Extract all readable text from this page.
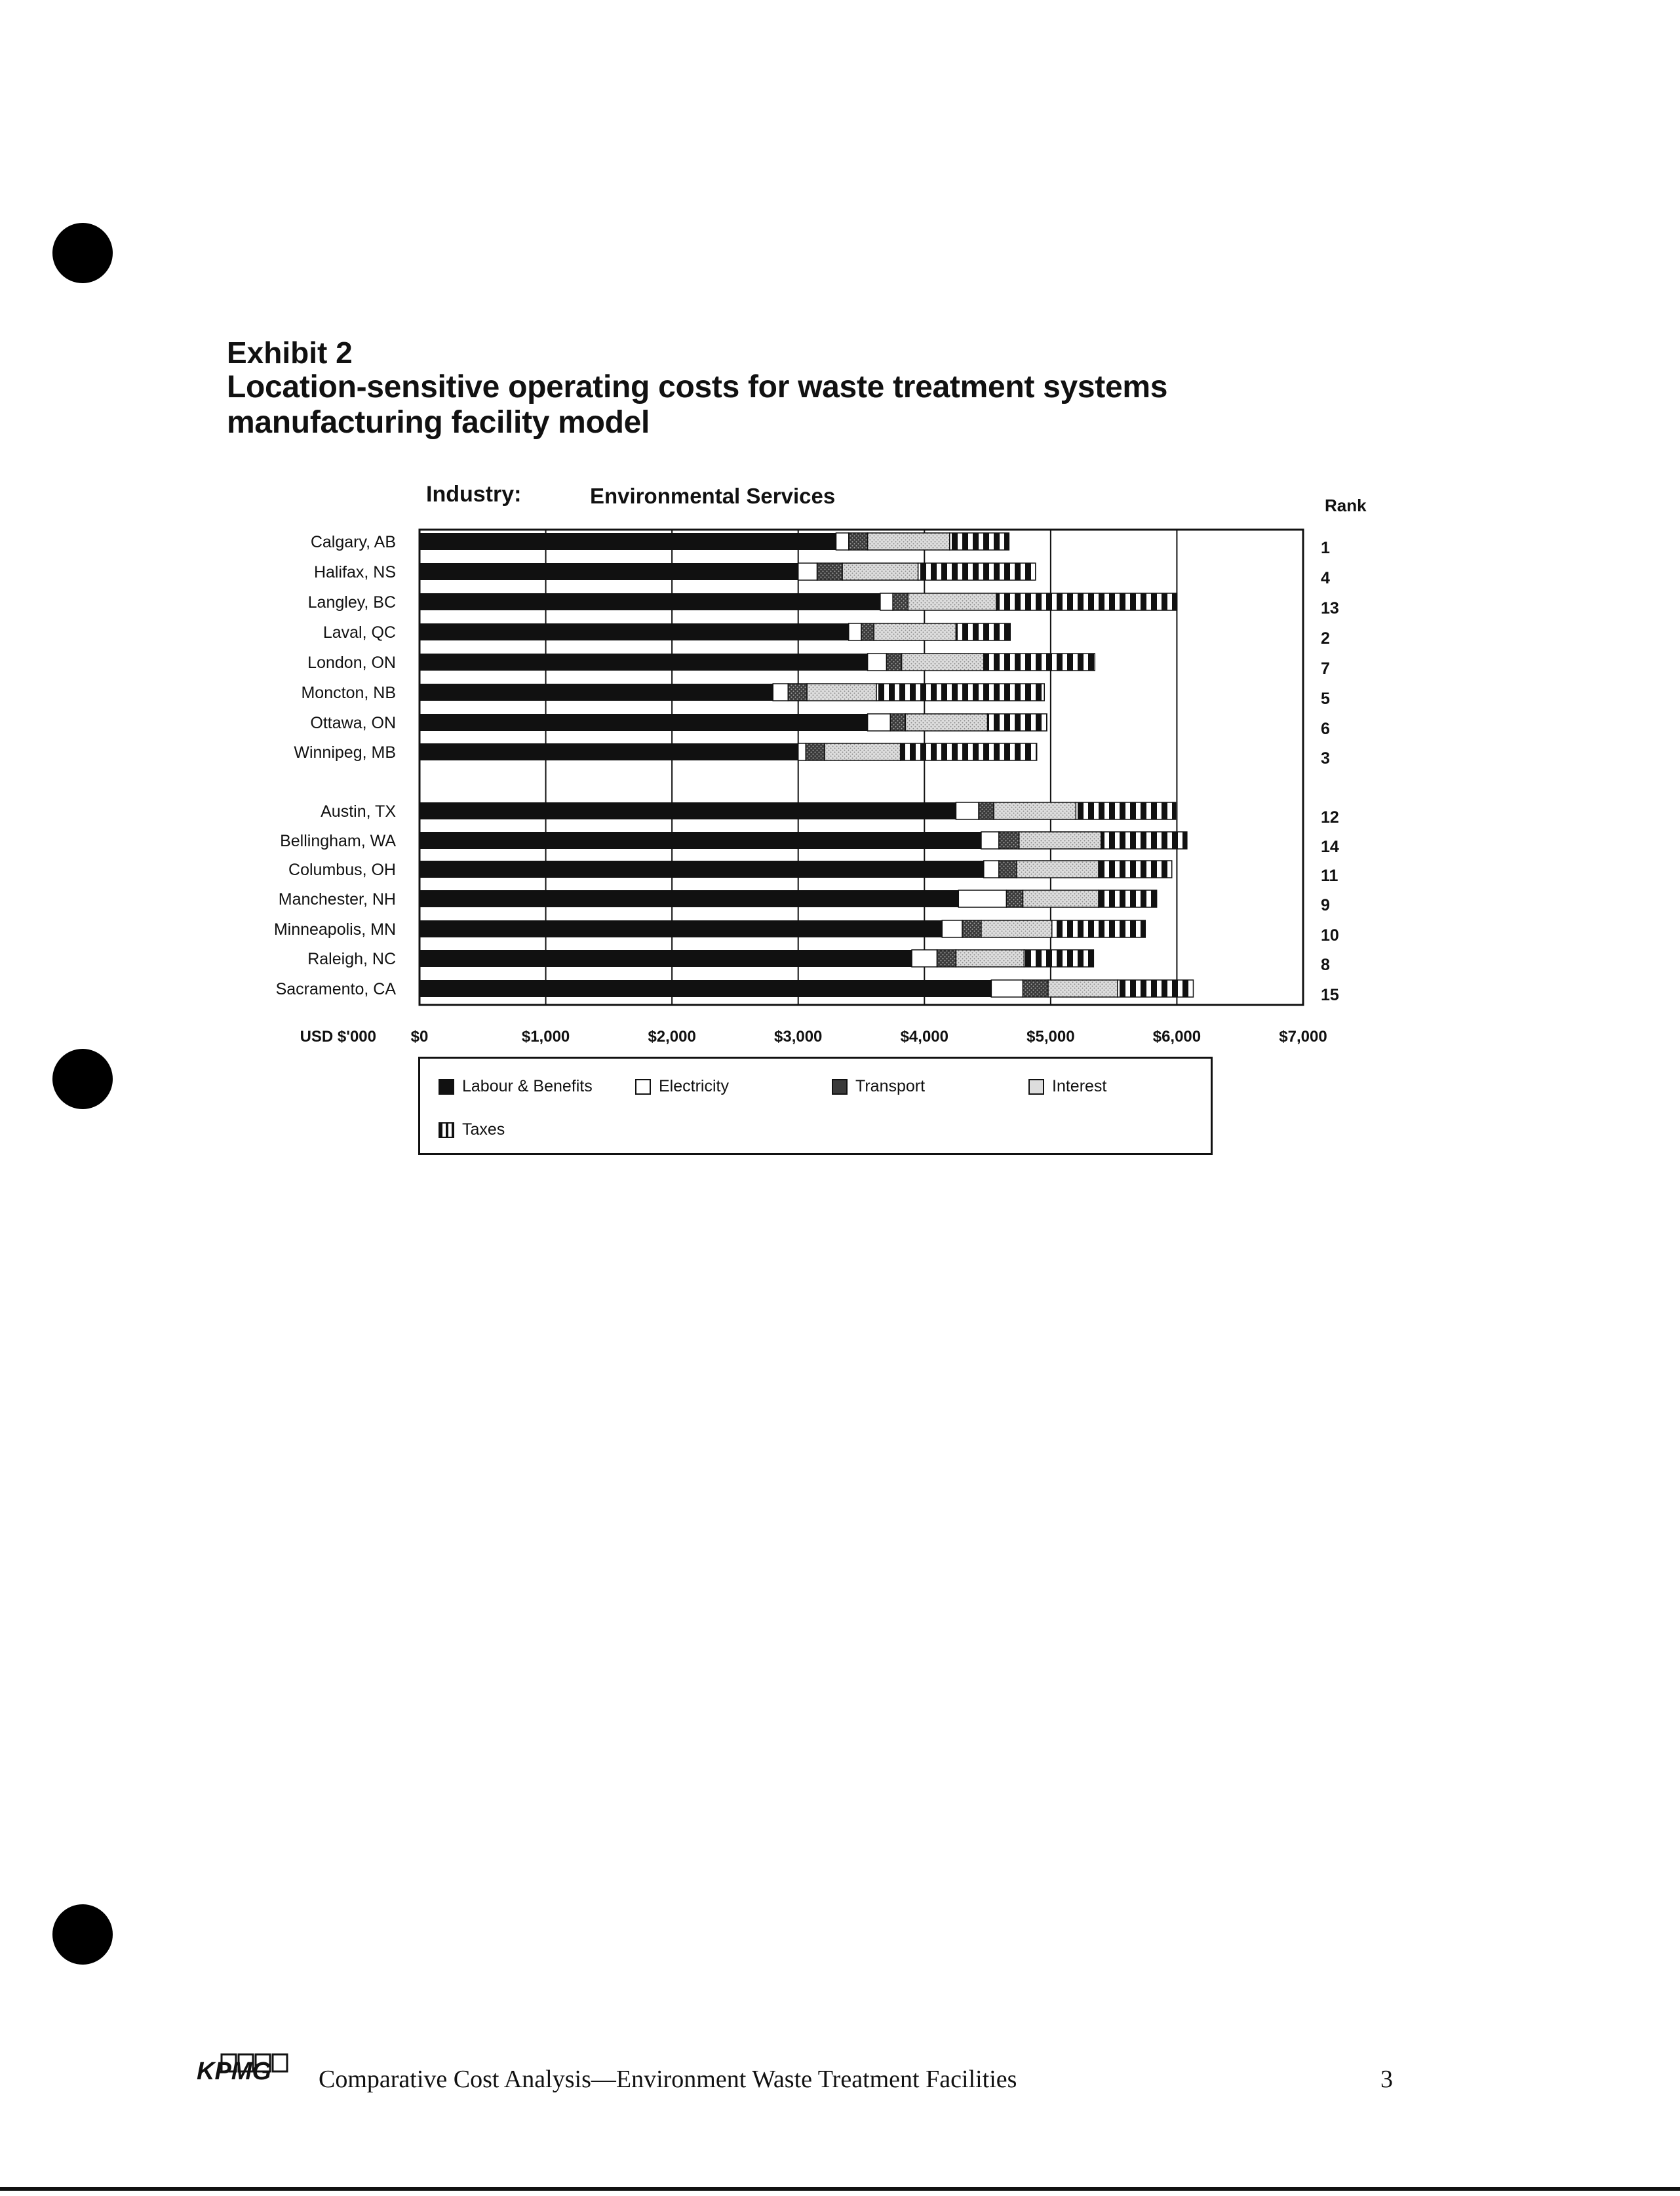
Exhibit 2
Location-sensitive operating costs for waste treatment systems
manufacturing facility model
Industry:	Environmental Services	Rank
$0	$1,000	$2,000	$3,000	$4,000	$5,000	$6,000	$7,000
USD $'000
Calgary, AB	1
Halifax, NS	4
Langley, BC	13
Laval, QC	2
London, ON	7
Moncton, NB	5
Ottawa, ON	6
Winnipeg, MB	3
Austin, TX	12
Bellingham, WA	14
Columbus, OH	11
Manchester, NH	9
Minneapolis, MN	10
Raleigh, NC	8
Sacramento, CA	15
Labour & Benefits	Electricity	Transport	Interest
Taxes
KPMG Comparative Cost Analysis—Environment Waste Treatment Facilities	3
